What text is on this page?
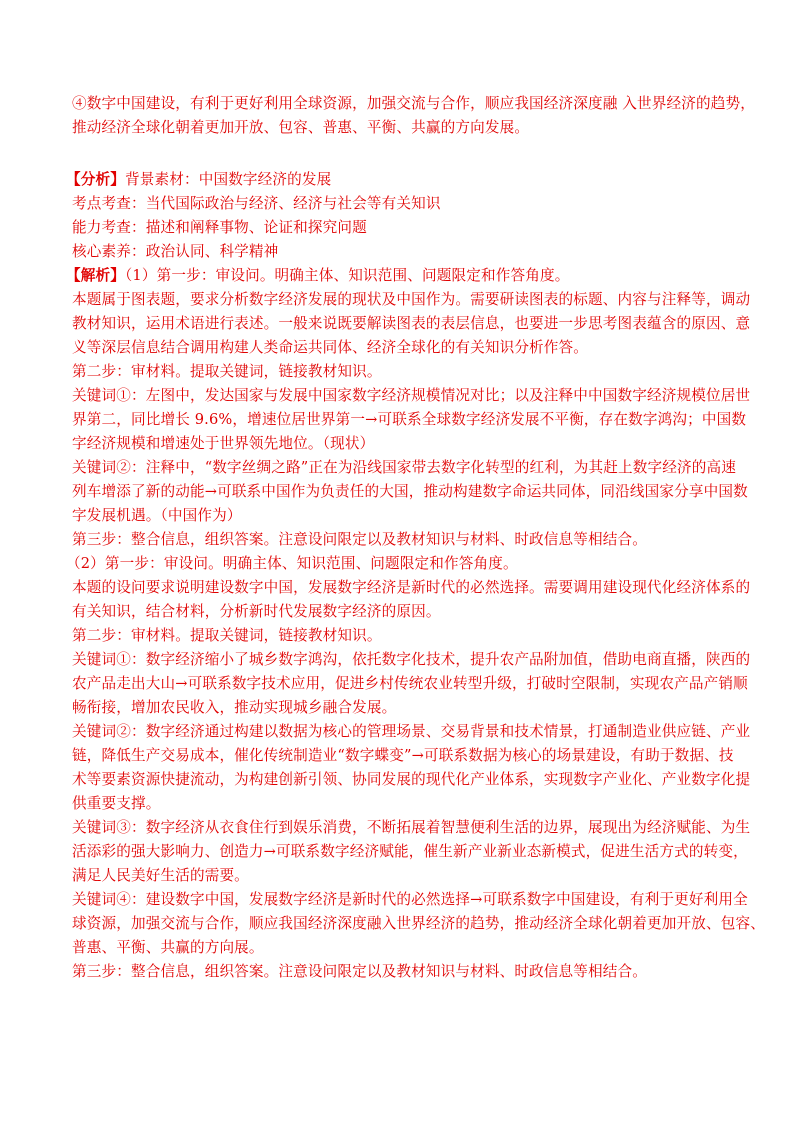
④数字中国建设，有利于更好利用全球资源，加强交流与合作，顺应我国经济深度融 入世界经济的趋势，
推动经济全球化朝着更加开放、包容、普惠、平衡、共赢的方向发展。
【分析】背景素材：中国数字经济的发展
考点考查：当代国际政治与经济、经济与社会等有关知识
能力考查：描述和阐释事物、论证和探究问题
核心素养：政治认同、科学精神
【解析】（1）第一步：审设问。明确主体、知识范围、问题限定和作答角度。
本题属于图表题，要求分析数字经济发展的现状及中国作为。需要研读图表的标题、内容与注释等，调动
教材知识，运用术语进行表述。一般来说既要解读图表的表层信息，也要进一步思考图表蕴含的原因、意
义等深层信息结合调用构建人类命运共同体、经济全球化的有关知识分析作答。
第二步：审材料。提取关键词，链接教材知识。
关键词①：左图中，发达国家与发展中国家数字经济规模情况对比；以及注释中中国数字经济规模位居世
界第二，同比增长 9.6%，增速位居世界第一→可联系全球数字经济发展不平衡，存在数字鸿沟；中国数
字经济规模和增速处于世界领先地位。（现状）
关键词②：注释中，“数字丝绸之路”正在为沿线国家带去数字化转型的红利，为其赶上数字经济的高速
列车增添了新的动能→可联系中国作为负责任的大国，推动构建数字命运共同体，同沿线国家分享中国数
字发展机遇。（中国作为）
第三步：整合信息，组织答案。注意设问限定以及教材知识与材料、时政信息等相结合。
（2）第一步：审设问。明确主体、知识范围、问题限定和作答角度。
本题的设问要求说明建设数字中国，发展数字经济是新时代的必然选择。需要调用建设现代化经济体系的
有关知识，结合材料，分析新时代发展数字经济的原因。
第二步：审材料。提取关键词，链接教材知识。
关键词①：数字经济缩小了城乡数字鸿沟，依托数字化技术，提升农产品附加值，借助电商直播，陕西的
农产品走出大山→可联系数字技术应用，促进乡村传统农业转型升级，打破时空限制，实现农产品产销顺
畅衔接，增加农民收入，推动实现城乡融合发展。
关键词②：数字经济通过构建以数据为核心的管理场景、交易背景和技术情景，打通制造业供应链、产业
链，降低生产交易成本，催化传统制造业“数字蝶变”→可联系数据为核心的场景建设，有助于数据、技
术等要素资源快捷流动，为构建创新引领、协同发展的现代化产业体系，实现数字产业化、产业数字化提
供重要支撑。
关键词③：数字经济从衣食住行到娱乐消费，不断拓展着智慧便利生活的边界，展现出为经济赋能、为生
活添彩的强大影响力、创造力→可联系数字经济赋能，催生新产业新业态新模式，促进生活方式的转变，
满足人民美好生活的需要。
关键词④：建设数字中国，发展数字经济是新时代的必然选择→可联系数字中国建设，有利于更好利用全
球资源，加强交流与合作，顺应我国经济深度融入世界经济的趋势，推动经济全球化朝着更加开放、包容、
普惠、平衡、共赢的方向展。
第三步：整合信息，组织答案。注意设问限定以及教材知识与材料、时政信息等相结合。
